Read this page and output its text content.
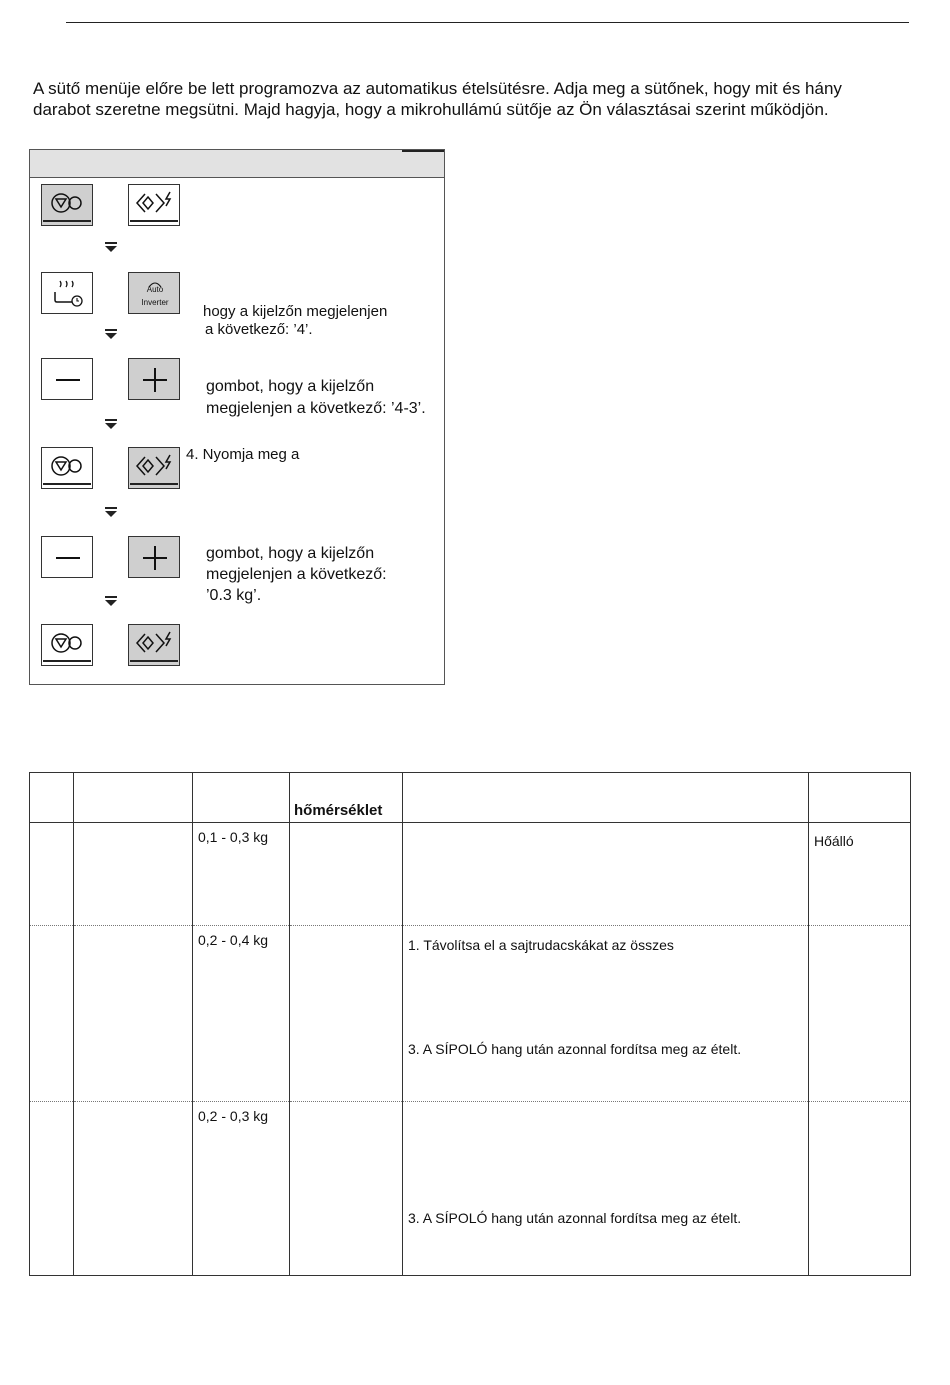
A sütő menüje előre be lett programozva az automatikus ételsütésre. Adja meg a sütőnek, hogy mit és hány darabot szeretne megsütni. Majd hagyja, hogy a mikrohullámú sütője az Ön választásai szerint működjön.

Auto
Inverter

hogy a kijelzőn megjelenjen

a következő: ’4’.

gombot, hogy a kijelzőn

megjelenjen a következő: ’4-3’.

4. Nyomja meg a

gombot, hogy a kijelzőn

megjelenjen a következő:

’0.3 kg’.

			hőmérséklet		

		0,1 - 0,3 kg			Hőálló

		0,2 - 0,4 kg		1. Távolítsa el a sajtrudacskákat az összes
3. A SÍPOLÓ hang után azonnal fordítsa meg az ételt.	

		0,2 - 0,3 kg		3. A SÍPOLÓ hang után azonnal fordítsa meg az ételt.	
